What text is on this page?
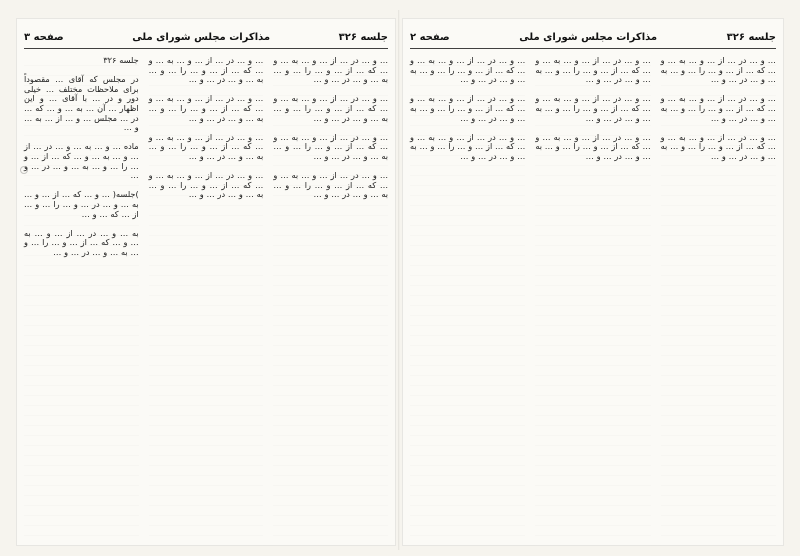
جلسه ۳۲۶
مذاکرات مجلس شورای ملی
صفحه ۳
جلسه ۳۲۶

در مجلس که آقای … مقصوداً برای ملاحظات مختلف … خیلی دور و در … با آقای … و این اظهار … آن … به … و … که … در … مجلس … و … از … به … و …

ماده … و … به … و … در … از … و … به … و … که … از … و … را … و … به … و … در … و …

(جلسه) … و … که … از … و … به … و … در … و … را … و … از … که … و …

به … و … در … از … و … به … و … که … از … و … را … و … به … و … در … و …
… و … در … از … و … به … و … که … از … و … را … و … به … و … در … و …

… و … در … از … و … به … و … که … از … و … را … و … به … و … در … و …

… و … در … از … و … به … و … که … از … و … را … و … به … و … در … و …

… و … در … از … و … به … و … که … از … و … را … و … به … و … در … و …
… و … در … از … و … به … و … که … از … و … را … و … به … و … در … و …

… و … در … از … و … به … و … که … از … و … را … و … به … و … در … و …

… و … در … از … و … به … و … که … از … و … را … و … به … و … در … و …

… و … در … از … و … به … و … که … از … و … را … و … به … و … در … و …
جلسه ۳۲۶
مذاکرات مجلس شورای ملی
صفحه ۲
… و … در … از … و … به … و … که … از … و … را … و … به … و … در … و …

… و … در … از … و … به … و … که … از … و … را … و … به … و … در … و …

… و … در … از … و … به … و … که … از … و … را … و … به … و … در … و …
… و … در … از … و … به … و … که … از … و … را … و … به … و … در … و …

… و … در … از … و … به … و … که … از … و … را … و … به … و … در … و …

… و … در … از … و … به … و … که … از … و … را … و … به … و … در … و …
… و … در … از … و … به … و … که … از … و … را … و … به … و … در … و …

… و … در … از … و … به … و … که … از … و … را … و … به … و … در … و …

… و … در … از … و … به … و … که … از … و … را … و … به … و … در … و …
